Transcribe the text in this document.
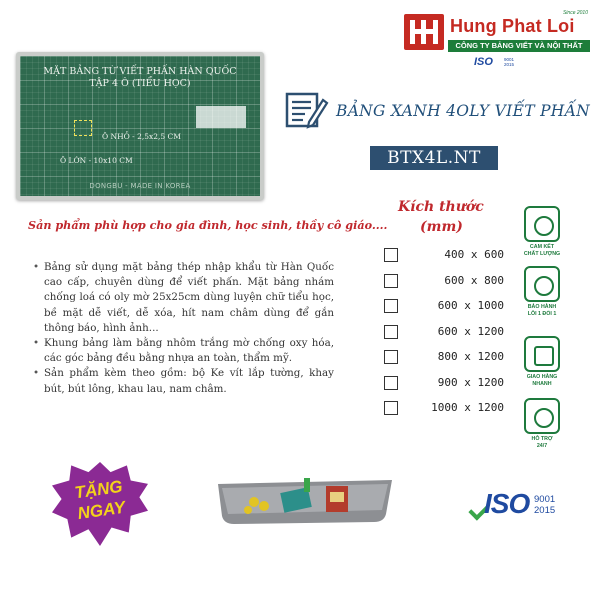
MẶT BẢNG TỪ VIẾT PHẤN HÀN QUỐC
TẬP 4 Ô (TIỂU HỌC)
Ô NHỎ - 2,5x2,5 CM
Ô LỚN - 10x10 CM
DONGBU - MADE IN KOREA
Since 2010
Hung Phat Loi
CÔNG TY BẢNG VIẾT VÀ NỘI THẤT
ISO 9001
2015
BẢNG XANH 4OLY VIẾT PHẤN
BTX4L.NT
Kích thước
(mm)
400 x 600
600 x 800
600 x 1000
600 x 1200
800 x 1200
900 x 1200
1000 x 1200
Sản phẩm phù hợp cho gia đình, học sinh, thầy cô giáo....
• Bảng sử dụng mặt bảng thép nhập khẩu từ Hàn Quốc cao cấp, chuyên dùng để viết phấn. Mặt bảng nhám chống loá có oly mờ 25x25cm dùng luyện chữ tiểu học, bề mặt dễ viết, dễ xóa, hít nam châm dùng để gắn thông báo, hình ảnh...
• Khung bảng làm bằng nhôm trắng mờ chống oxy hóa, các góc bảng đều bằng nhựa an toàn, thẩm mỹ.
• Sản phẩm kèm theo gồm: bộ Ke vít lắp tường, khay bút, bút lông, khau lau, nam châm.
CAM KẾT
CHẤT LƯỢNG
BẢO HÀNH
LỖI 1 ĐỔI 1
GIAO HÀNG
NHANH
HỖ TRỢ
24/7
TẶNG
NGAY	ISO 9001
2015
